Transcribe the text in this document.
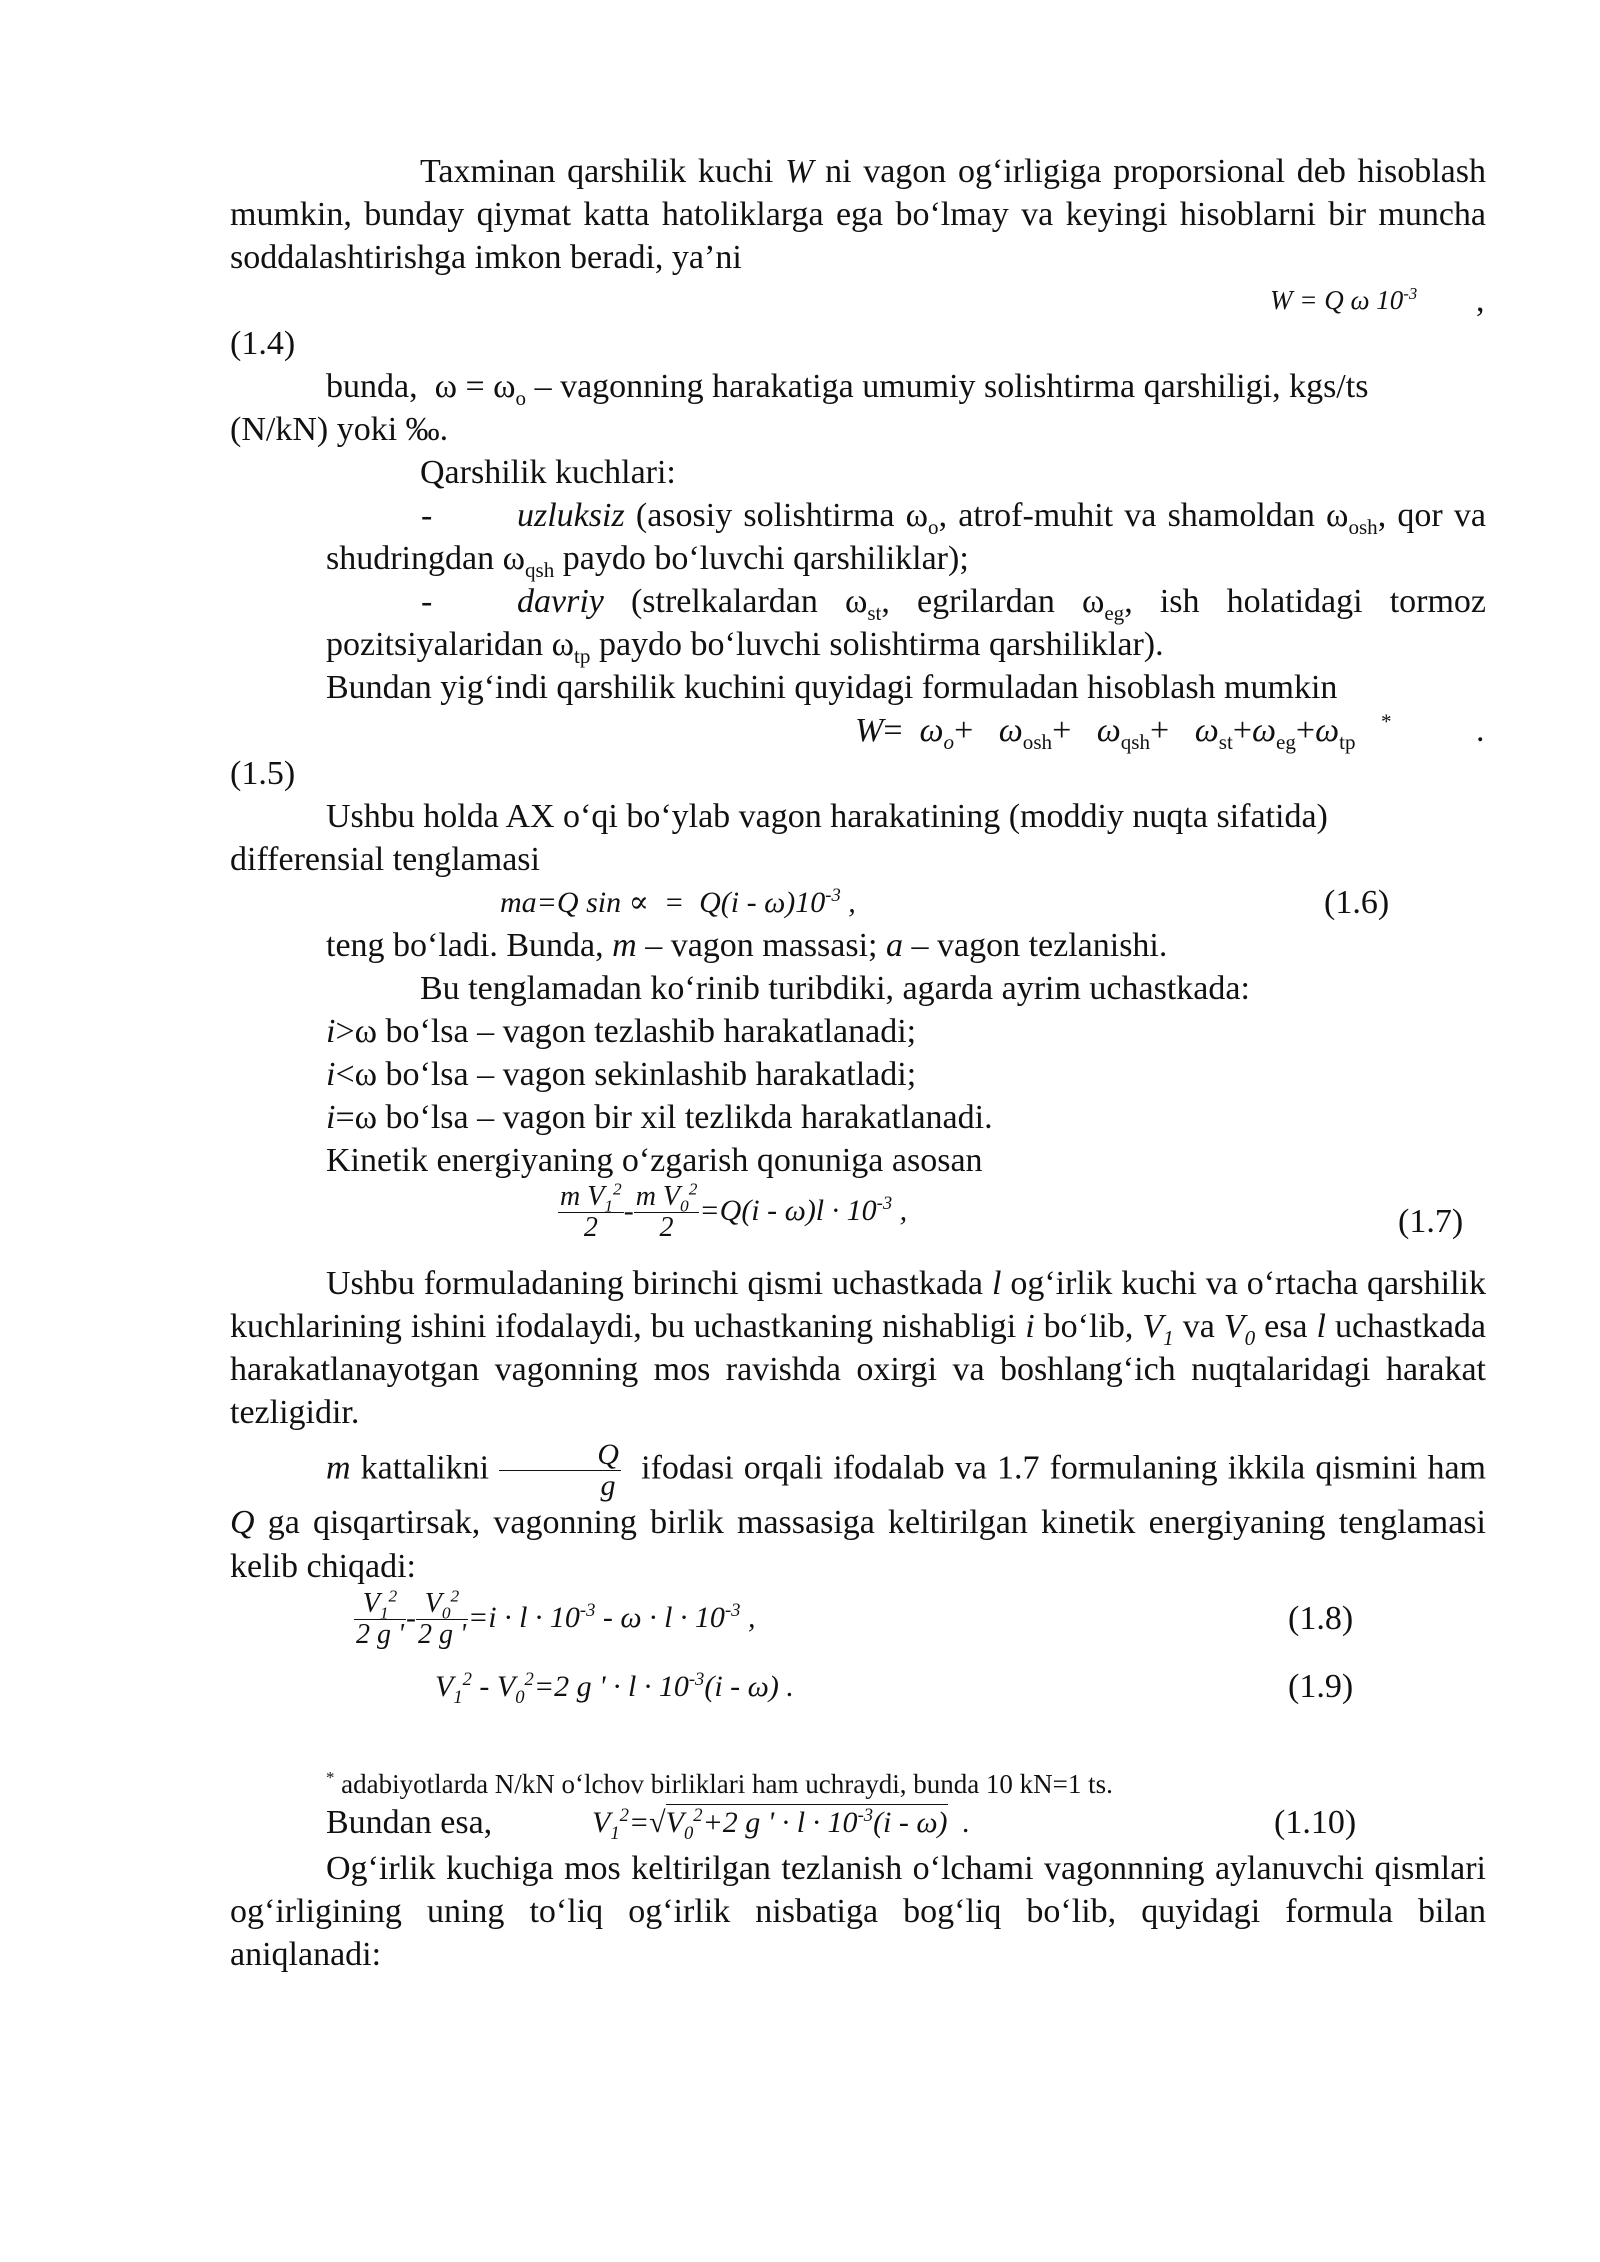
Taxminan qarshilik kuchi W ni vagon og‘irligiga proporsional deb hisoblash mumkin, bunday qiymat katta hatoliklarga ega bo‘lmay va keyingi hisoblarni bir muncha soddalashtirishga imkon beradi, ya’ni
W = Q ω $10^{-3}$ ,
(1.4)
bunda,  $\omega = \omega_o$ – vagonning harakatiga umumiy solishtirma qarshiligi, kgs/ts
(N/kN) yoki ‰.
Qarshilik kuchlari:
- uzluksiz (asosiy solishtirma $\omega_o$, atrof-muhit va shamoldan $\omega_{osh}$, qor va shudringdan $\omega_{qsh}$ paydo bo‘luvchi qarshiliklar);
- davriy (strelkalardan $\omega_{st}$, egrilardan $\omega_{eg}$, ish holatidagi tormoz pozitsiyalaridan $\omega_{tp}$ paydo bo‘luvchi solishtirma qarshiliklar).
Bundan yig‘indi qarshilik kuchini quyidagi formuladan hisoblash mumkin
$W= \omega_o+ \omega_{osh}+ \omega_{qsh}+ \omega_{st}+\omega_{eg}+\omega_{tp}$   * .
(1.5)
Ushbu holda AX o‘qi bo‘ylab vagon harakatining (moddiy nuqta sifatida)
differensial tenglamasi
ma=Q sin ∝  =  $Q(i - \omega)10^{-3}$ ,	(1.6)
teng bo‘ladi. Bunda, m – vagon massasi; a – vagon tezlanishi.
Bu tenglamadan ko‘rinib turibdiki, agarda ayrim uchastkada:
i>ω bo‘lsa – vagon tezlashib harakatlanadi;
i<ω bo‘lsa – vagon sekinlashib harakatladi;
i=ω bo‘lsa – vagon bir xil tezlikda harakatlanadi.
Kinetik energiyaning o‘zgarish qonuniga asosan
$\frac{m V_1^2}{2} - \frac{m V_0^2}{2} =Q(i - \omega)l \cdot 10^{-3}$ ,	(1.7)
Ushbu formuladaning birinchi qismi uchastkada l og‘irlik kuchi va o‘rtacha qarshilik kuchlarining ishini ifodalaydi, bu uchastkaning nishabligi i bo‘lib, $V_1$ va $V_0$ esa l uchastkada harakatlanayotgan vagonning mos ravishda oxirgi va boshlang‘ich nuqtalaridagi harakat tezligidir.
m kattalikni $\frac{Q}{g}$ ifodasi orqali ifodalab va 1.7 formulaning ikkila qismini ham Q ga qisqartirsak, vagonning birlik massasiga keltirilgan kinetik energiyaning tenglamasi kelib chiqadi:
$\frac{V_1^2}{2 g '} - \frac{V_0^2}{2 g '} =i \cdot l \cdot 10^{-3} - \omega \cdot l \cdot 10^{-3}$ ,	(1.8)
$V_1^2 - V_0^2=2$ g ' · $l \cdot 10^{-3}(i - \omega)$ .	(1.9)
* adabiyotlarda N/kN o‘lchov birliklari ham uchraydi, bunda 10 kN=1 ts.
Bundan esa,	$V_1^2=√V_0^2+2$ g ' · $l \cdot 10^{-3}(i - \omega)$  .	(1.10)
Og‘irlik kuchiga mos keltirilgan tezlanish o‘lchami vagonnning aylanuvchi qismlari og‘irligining uning to‘liq og‘irlik nisbatiga bog‘liq bo‘lib, quyidagi formula bilan aniqlanadi:
